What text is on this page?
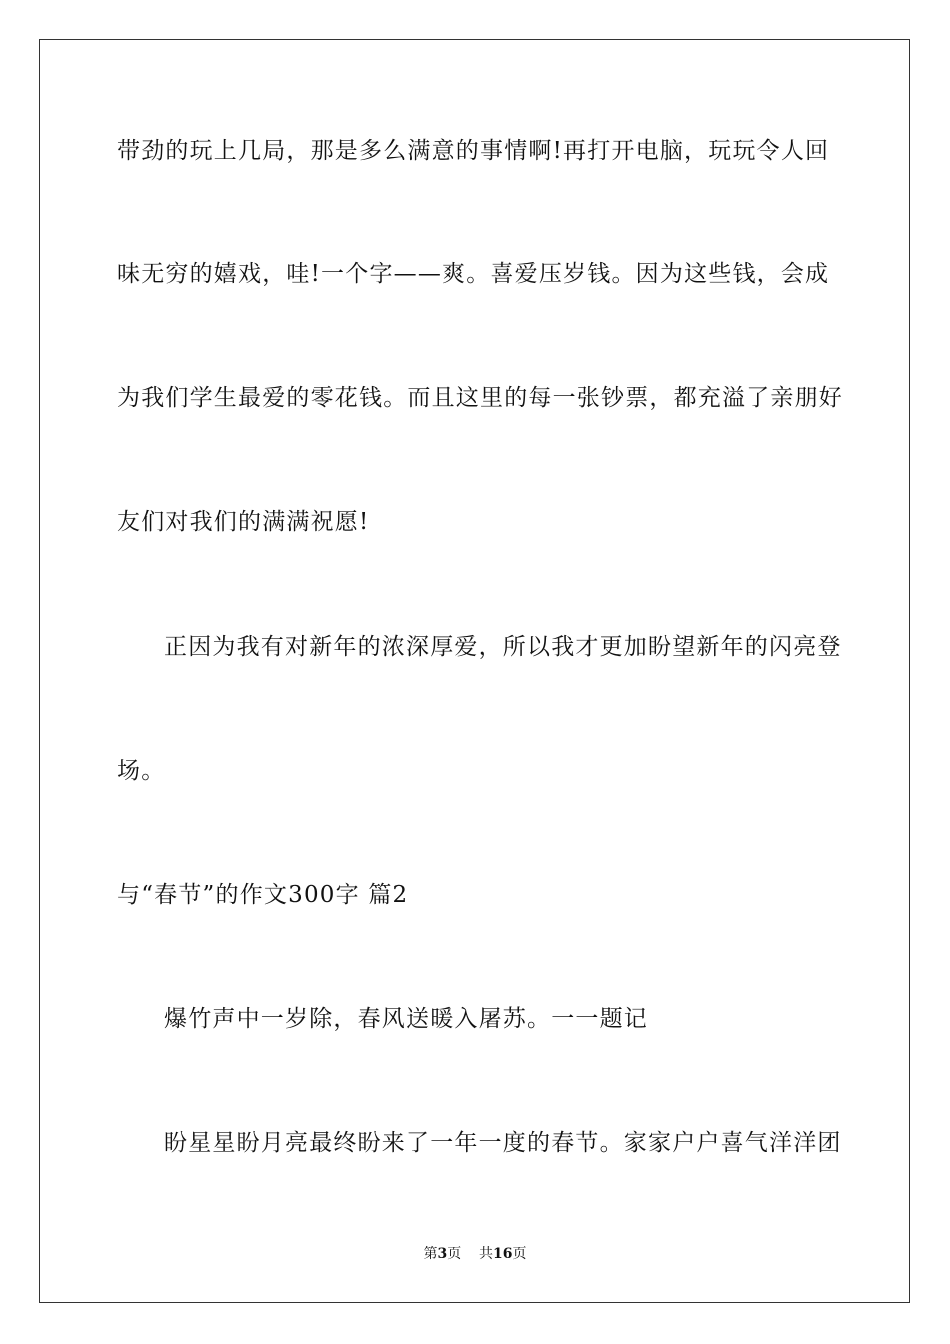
带劲的玩上几局，那是多么满意的事情啊!再打开电脑，玩玩令人回
味无穷的嬉戏，哇!一个字——爽。喜爱压岁钱。因为这些钱，会成
为我们学生最爱的零花钱。而且这里的每一张钞票，都充溢了亲朋好
友们对我们的满满祝愿!
正因为我有对新年的浓深厚爱，所以我才更加盼望新年的闪亮登
场。
与“春节”的作文300字 篇2
爆竹声中一岁除，春风送暖入屠苏。一一题记
盼星星盼月亮最终盼来了一年一度的春节。家家户户喜气洋洋团
第3页 共16页
